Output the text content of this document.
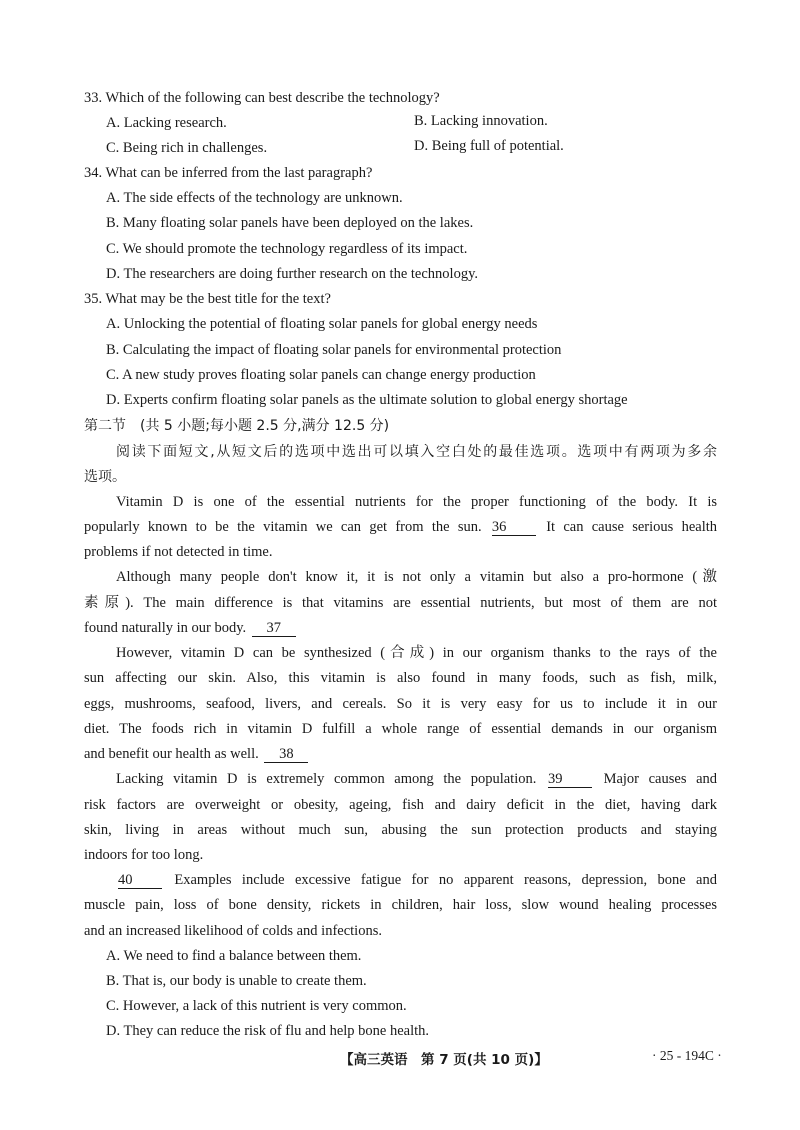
33. Which of the following can best describe the technology?
A. Lacking research.	B. Lacking innovation.
C. Being rich in challenges.	D. Being full of potential.
34. What can be inferred from the last paragraph?
A. The side effects of the technology are unknown.
B. Many floating solar panels have been deployed on the lakes.
C. We should promote the technology regardless of its impact.
D. The researchers are doing further research on the technology.
35. What may be the best title for the text?
A. Unlocking the potential of floating solar panels for global energy needs
B. Calculating the impact of floating solar panels for environmental protection
C. A new study proves floating solar panels can change energy production
D. Experts confirm floating solar panels as the ultimate solution to global energy shortage
第二节　(共 5 小题;每小题 2.5 分,满分 12.5 分)
阅读下面短文,从短文后的选项中选出可以填入空白处的最佳选项。选项中有两项为多余
选项。
Vitamin D is one of the essential nutrients for the proper functioning of the body. It is
popularly known to be the vitamin we can get from the sun. 36	It can cause serious health
problems if not detected in time.
Although many people don't know it, it is not only a vitamin but also a pro-hormone (激
素原). The main difference is that vitamins are essential nutrients, but most of them are not
found naturally in our body. 37
However, vitamin D can be synthesized (合成) in our organism thanks to the rays of the
sun affecting our skin. Also, this vitamin is also found in many foods, such as fish, milk,
eggs, mushrooms, seafood, livers, and cereals. So it is very easy for us to include it in our
diet. The foods rich in vitamin D fulfill a whole range of essential demands in our organism
and benefit our health as well. 38
Lacking vitamin D is extremely common among the population. 39	Major causes and
risk factors are overweight or obesity, ageing, fish and dairy deficit in the diet, having dark
skin, living in areas without much sun, abusing the sun protection products and staying
indoors for too long.
40	Examples include excessive fatigue for no apparent reasons, depression, bone and
muscle pain, loss of bone density, rickets in children, hair loss, slow wound healing processes
and an increased likelihood of colds and infections.
A. We need to find a balance between them.
B. That is, our body is unable to create them.
C. However, a lack of this nutrient is very common.
D. They can reduce the risk of flu and help bone health.
【高三英语　第 7 页(共 10 页)】	· 25 - 194C ·
